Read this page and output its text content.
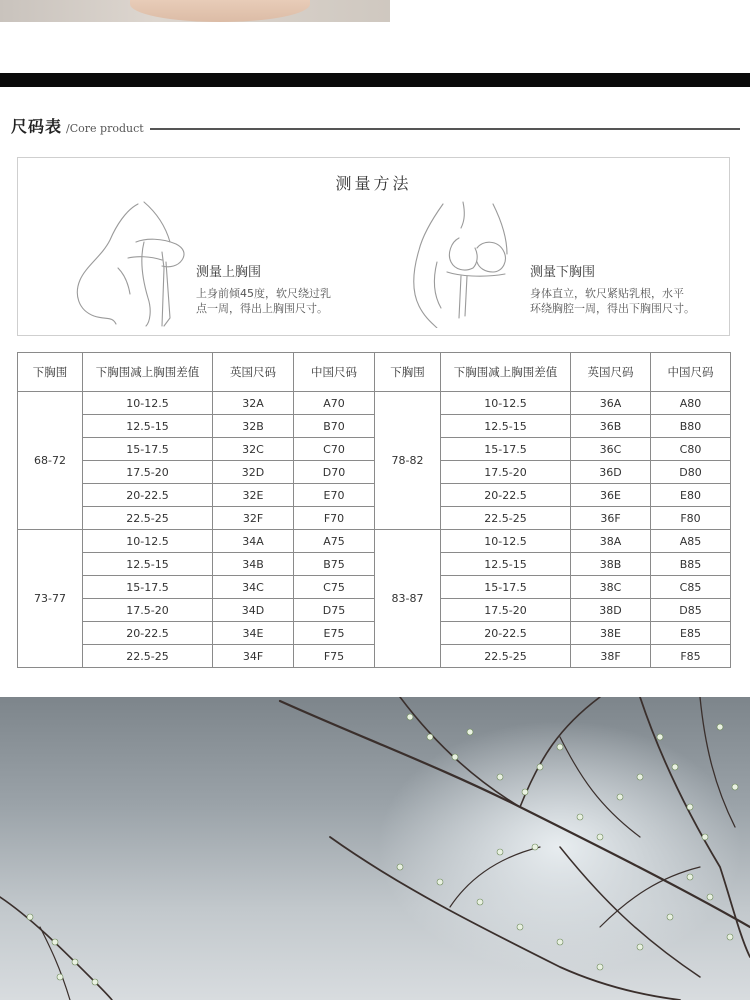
尺码表 /Core product
测量方法
测量上胸围
上身前倾45度，软尺绕过乳
点一周，得出上胸围尺寸。
测量下胸围
身体直立，软尺紧贴乳根，水平
环绕胸腔一周，得出下胸围尺寸。
下胸围	下胸围减上胸围差值	英国尺码	中国尺码	下胸围	下胸围减上胸围差值	英国尺码	中国尺码
68-72	10-12.5	32A	A70	78-82	10-12.5	36A	A80
	12.5-15	32B	B70		12.5-15	36B	B80
	15-17.5	32C	C70		15-17.5	36C	C80
	17.5-20	32D	D70		17.5-20	36D	D80
	20-22.5	32E	E70		20-22.5	36E	E80
	22.5-25	32F	F70		22.5-25	36F	F80
73-77	10-12.5	34A	A75	83-87	10-12.5	38A	A85
	12.5-15	34B	B75		12.5-15	38B	B85
	15-17.5	34C	C75		15-17.5	38C	C85
	17.5-20	34D	D75		17.5-20	38D	D85
	20-22.5	34E	E75		20-22.5	38E	E85
	22.5-25	34F	F75		22.5-25	38F	F85
